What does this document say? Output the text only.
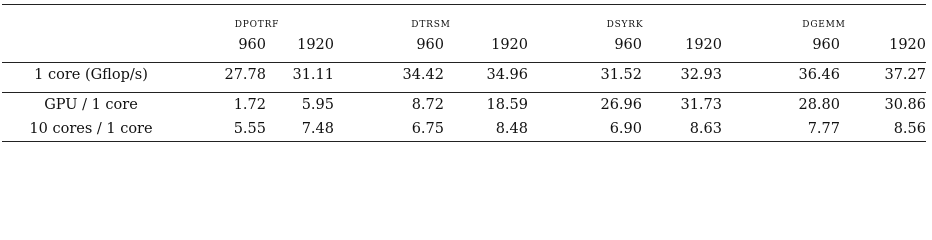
	dpotrf		dtrsm		dsyrk		dgemm	
	960	1920	960	1920	960	1920	960	1920

1 core (Gflop/s)	27.78	31.11	34.42	34.96	31.52	32.93	36.46	37.27

GPU / 1 core	1.72	5.95	8.72	18.59	26.96	31.73	28.80	30.86
10 cores / 1 core	5.55	7.48	6.75	8.48	6.90	8.63	7.77	8.56
